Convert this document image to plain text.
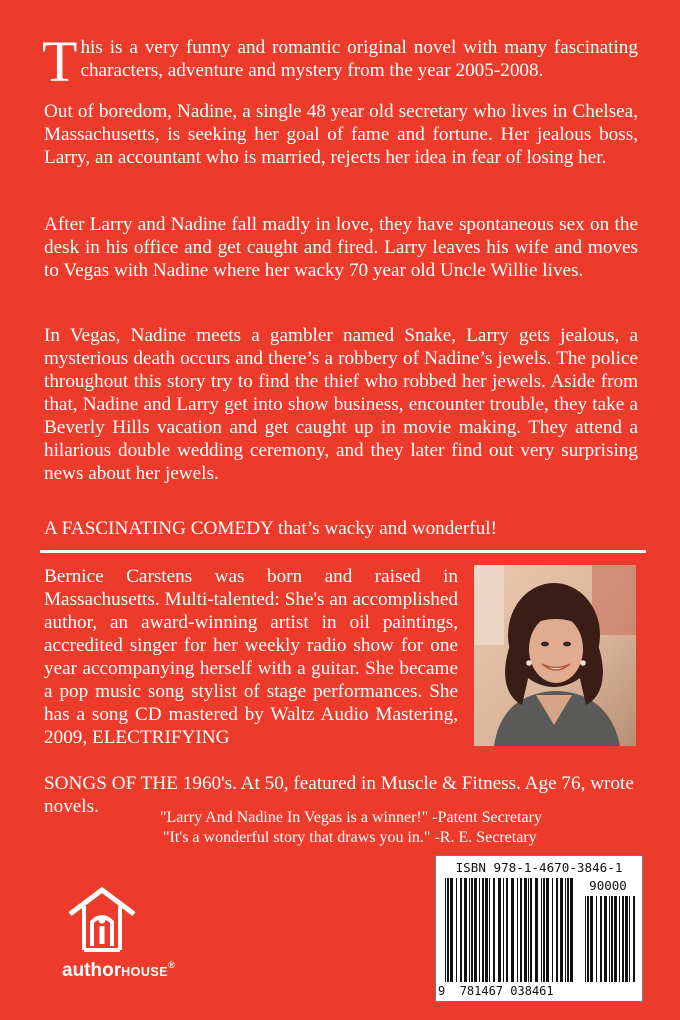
This is a very funny and romantic original novel with many fascinating characters, adventure and mystery from the year 2005-2008.

Out of boredom, Nadine, a single 48 year old secretary who lives in Chelsea, Massachusetts, is seeking her goal of fame and fortune. Her jealous boss, Larry, an accountant who is married, rejects her idea in fear of losing her.

After Larry and Nadine fall madly in love, they have spontaneous sex on the desk in his office and get caught and fired. Larry leaves his wife and moves to Vegas with Nadine where her wacky 70 year old Uncle Willie lives.

In Vegas, Nadine meets a gambler named Snake, Larry gets jealous, a mysterious death occurs and there’s a robbery of Nadine’s jewels. The police throughout this story try to find the thief who robbed her jewels. Aside from that, Nadine and Larry get into show business, encounter trouble, they take a Beverly Hills vacation and get caught up in movie making. They attend a hilarious double wedding ceremony, and they later find out very surprising news about her jewels.

A FASCINATING COMEDY that’s wacky and wonderful!

Bernice Carstens was born and raised in Massachusetts. Multi-talented: She's an accomplished author, an award-winning artist in oil paintings, accredited singer for her weekly radio show for one year accompanying herself with a guitar. She became a pop music song stylist of stage performances. She has a song CD mastered by Waltz Audio Mastering, 2009, ELECTRIFYING

SONGS OF THE 1960's. At 50, featured in Muscle & Fitness. Age 76, wrote novels.

"Larry And Nadine In Vegas is a winner!" -Patent Secretary

"It's a wonderful story that draws you in." -R. E. Secretary

authorHOUSE®

ISBN 978-1-4670-3846-1

90000

9 781467 038461
